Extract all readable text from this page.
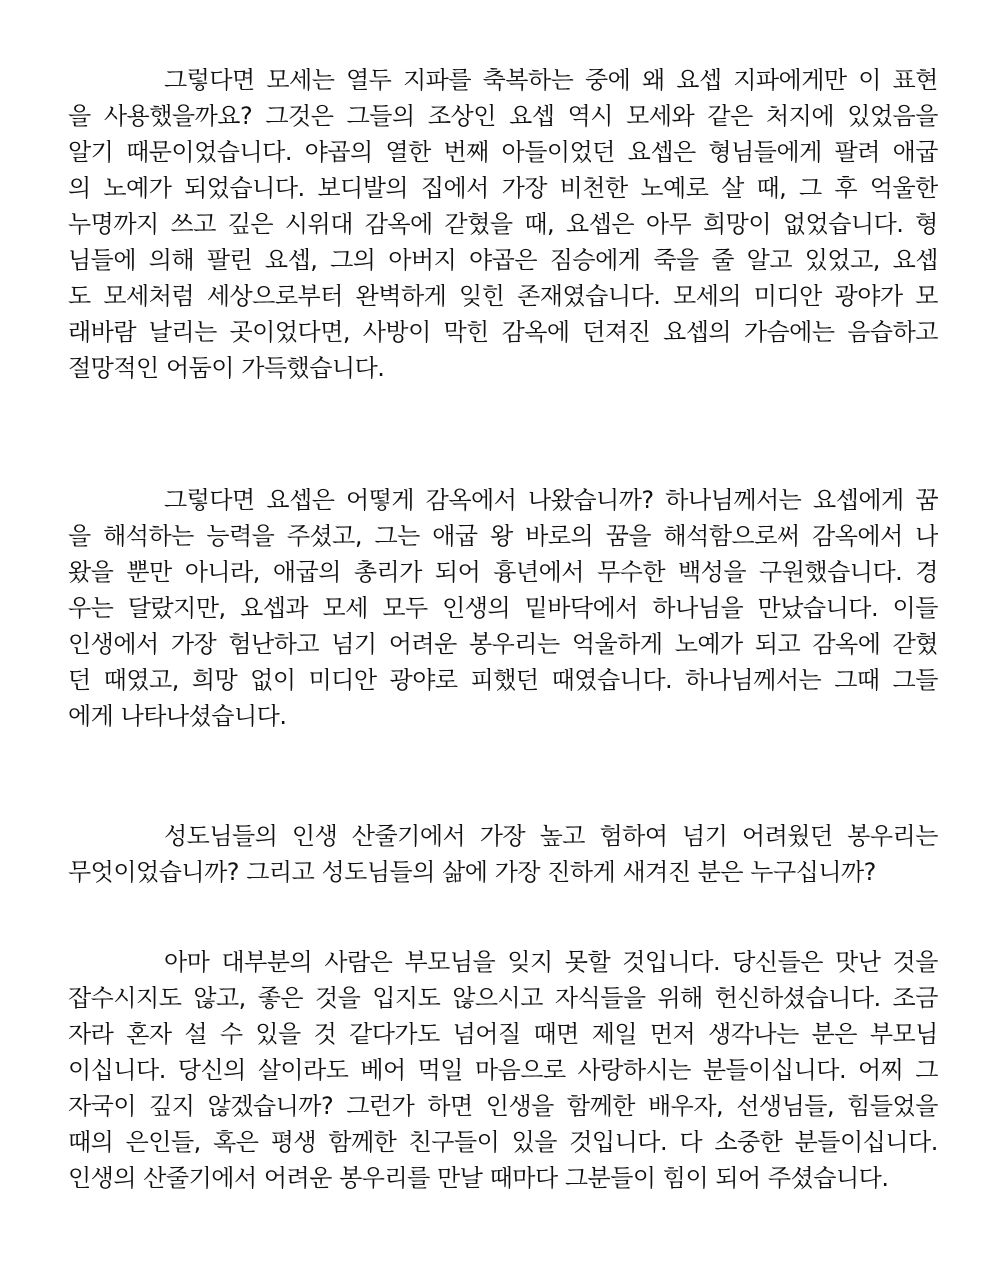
그렇다면 모세는 열두 지파를 축복하는 중에 왜 요셉 지파에게만 이 표현
을 사용했을까요? 그것은 그들의 조상인 요셉 역시 모세와 같은 처지에 있었음을
알기 때문이었습니다. 야곱의 열한 번째 아들이었던 요셉은 형님들에게 팔려 애굽
의 노예가 되었습니다. 보디발의 집에서 가장 비천한 노예로 살 때, 그 후 억울한
누명까지 쓰고 깊은 시위대 감옥에 갇혔을 때, 요셉은 아무 희망이 없었습니다. 형
님들에 의해 팔린 요셉, 그의 아버지 야곱은 짐승에게 죽을 줄 알고 있었고, 요셉
도 모세처럼 세상으로부터 완벽하게 잊힌 존재였습니다. 모세의 미디안 광야가 모
래바람 날리는 곳이었다면, 사방이 막힌 감옥에 던져진 요셉의 가슴에는 음습하고
절망적인 어둠이 가득했습니다.
그렇다면 요셉은 어떻게 감옥에서 나왔습니까? 하나님께서는 요셉에게 꿈
을 해석하는 능력을 주셨고, 그는 애굽 왕 바로의 꿈을 해석함으로써 감옥에서 나
왔을 뿐만 아니라, 애굽의 총리가 되어 흉년에서 무수한 백성을 구원했습니다. 경
우는 달랐지만, 요셉과 모세 모두 인생의 밑바닥에서 하나님을 만났습니다. 이들
인생에서 가장 험난하고 넘기 어려운 봉우리는 억울하게 노예가 되고 감옥에 갇혔
던 때였고, 희망 없이 미디안 광야로 피했던 때였습니다. 하나님께서는 그때 그들
에게 나타나셨습니다.
성도님들의 인생 산줄기에서 가장 높고 험하여 넘기 어려웠던 봉우리는
무엇이었습니까? 그리고 성도님들의 삶에 가장 진하게 새겨진 분은 누구십니까?
아마 대부분의 사람은 부모님을 잊지 못할 것입니다. 당신들은 맛난 것을
잡수시지도 않고, 좋은 것을 입지도 않으시고 자식들을 위해 헌신하셨습니다. 조금
자라 혼자 설 수 있을 것 같다가도 넘어질 때면 제일 먼저 생각나는 분은 부모님
이십니다. 당신의 살이라도 베어 먹일 마음으로 사랑하시는 분들이십니다. 어찌 그
자국이 깊지 않겠습니까? 그런가 하면 인생을 함께한 배우자, 선생님들, 힘들었을
때의 은인들, 혹은 평생 함께한 친구들이 있을 것입니다. 다 소중한 분들이십니다.
인생의 산줄기에서 어려운 봉우리를 만날 때마다 그분들이 힘이 되어 주셨습니다.
